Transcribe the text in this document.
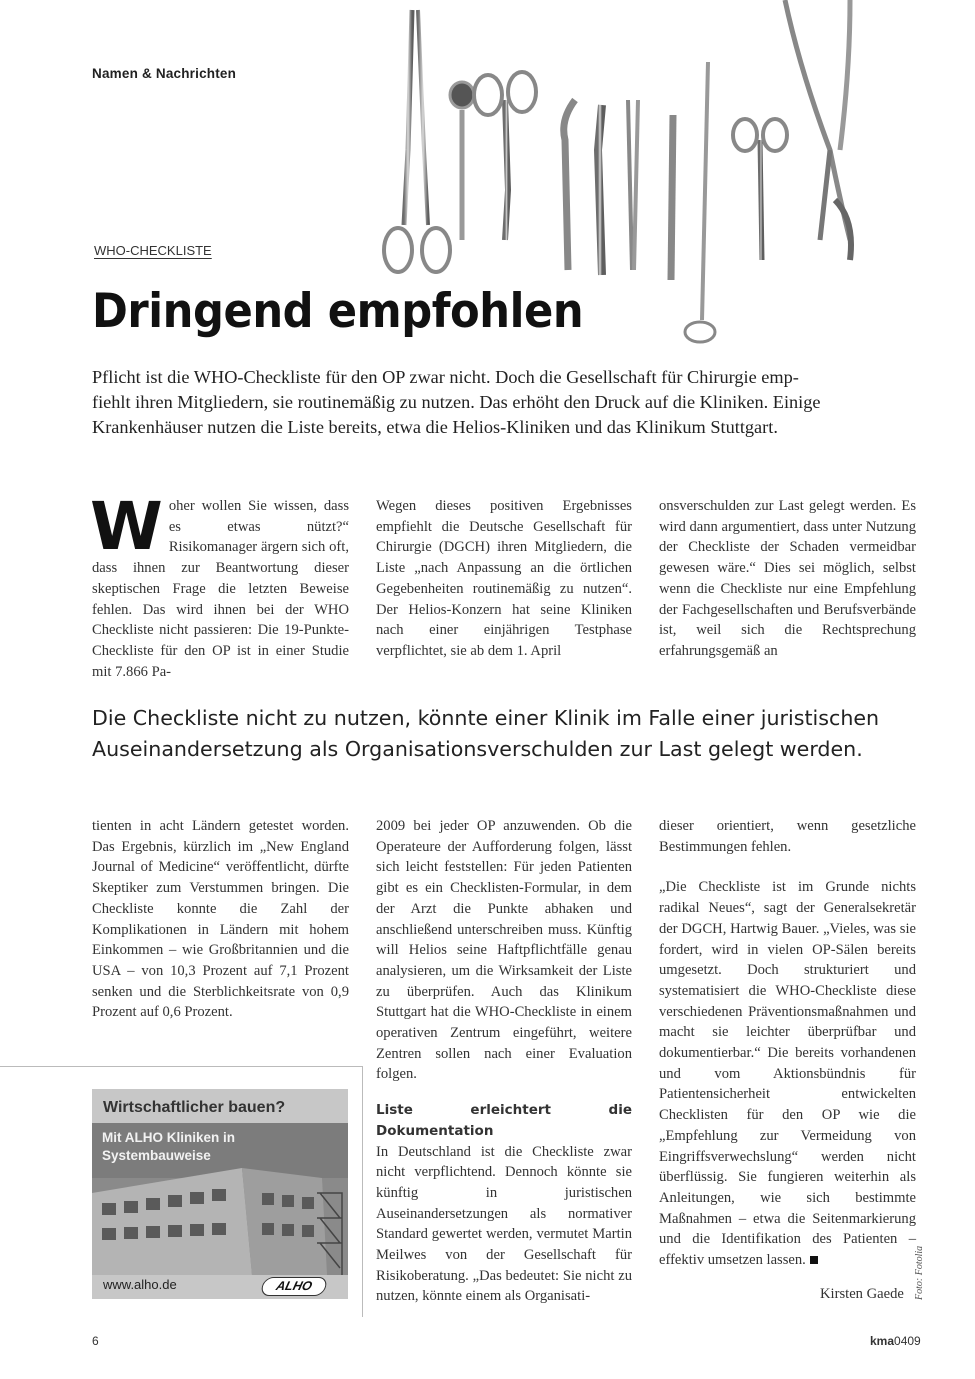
Namen & Nachrichten
WHO-CHECKLISTE
Dringend empfohlen

Pflicht ist die WHO-Checkliste für den OP zwar nicht. Doch die Gesellschaft für Chirurgie emp-

fiehlt ihren Mitgliedern, sie routinemäßig zu nutzen. Das erhöht den Druck auf die Kliniken. Einige

Krankenhäuser nutzen die Liste bereits, etwa die Helios-Kliniken und das Klinikum Stuttgart.

W oher wollen Sie wissen, dass es etwas nützt?“ Risikomanager ärgern sich oft, dass ihnen zur Beantwortung dieser skeptischen Frage die letzten Beweise fehlen. Das wird ihnen bei der WHO Checkliste nicht passieren: Die 19-Punkte-Checkliste für den OP ist in einer Studie mit 7.866 Pa-
Wegen dieses positiven Ergebnisses empfiehlt die Deutsche Gesellschaft für Chirurgie (DGCH) ihren Mitgliedern, die Liste „nach Anpassung an die örtlichen Gegebenheiten routinemäßig zu nutzen“. Der Helios-Konzern hat seine Kliniken nach einer einjährigen Testphase verpflichtet, sie ab dem 1. April
onsverschulden zur Last gelegt werden. Es wird dann argumentiert, dass unter Nutzung der Checkliste der Schaden vermeidbar gewesen wäre.“ Dies sei möglich, selbst wenn die Checkliste nur eine Empfehlung der Fachgesellschaften und Berufsverbände ist, weil sich die Rechtsprechung erfahrungsgemäß an
Die Checkliste nicht zu nutzen, könnte einer Klinik im Falle einer juristischen
Auseinandersetzung als Organisationsverschulden zur Last gelegt werden.
tienten in acht Ländern getestet worden. Das Ergebnis, kürzlich im „New England Journal of Medicine“ veröffentlicht, dürfte Skeptiker zum Verstummen bringen. Die Checkliste konnte die Zahl der Komplikationen in Ländern mit hohem Einkommen – wie Großbritannien und die USA – von 10,3 Prozent auf 7,1 Prozent senken und die Sterblichkeitsrate von 0,9 Prozent auf 0,6 Prozent.

2009 bei jeder OP anzuwenden. Ob die Operateure der Aufforderung folgen, lässt sich leicht feststellen: Für jeden Patienten gibt es ein Checklisten-Formular, in dem der Arzt die Punkte abhaken und anschließend unterschreiben muss. Künftig will Helios seine Haftpflichtfälle genau analysieren, um die Wirksamkeit der Liste zu überprüfen. Auch das Klinikum Stuttgart hat die WHO-Checkliste in einem operativen Zentrum eingeführt, weitere Zentren sollen nach einer Evaluation folgen.

Liste erleichtert die Dokumentation

In Deutschland ist die Checkliste zwar nicht verpflichtend. Dennoch könnte sie künftig in juristischen Auseinandersetzungen als normativer Standard gewertet werden, vermutet Martin Meilwes von der Gesellschaft für Risikoberatung. „Das bedeutet: Sie nicht zu nutzen, könnte einem als Organisati-

dieser orientiert, wenn gesetzliche Bestimmungen fehlen.

„Die Checkliste ist im Grunde nichts radikal Neues“, sagt der Generalsekretär der DGCH, Hartwig Bauer. „Vieles, was sie fordert, wird in vielen OP-Sälen bereits umgesetzt. Doch strukturiert und systematisiert die WHO-Checkliste diese verschiedenen Präventionsmaßnahmen und macht sie leichter überprüfbar und dokumentierbar.“ Die bereits vorhandenen und vom Aktionsbündnis für Patientensicherheit entwickelten Checklisten für den OP wie die „Empfehlung zur Vermeidung von Eingriffsverwechslung“ werden nicht überflüssig. Sie fungieren weiterhin als Anleitungen, wie sich bestimmte Maßnahmen – etwa die Seitenmarkierung und die Identifikation des Patienten – effektiv umsetzen lassen.

Kirsten Gaede Foto: Fotolia
Wirtschaftlicher bauen?
Mit ALHO Kliniken in
Systembauweise
www.alho.de	ALHO
6	kma0409
